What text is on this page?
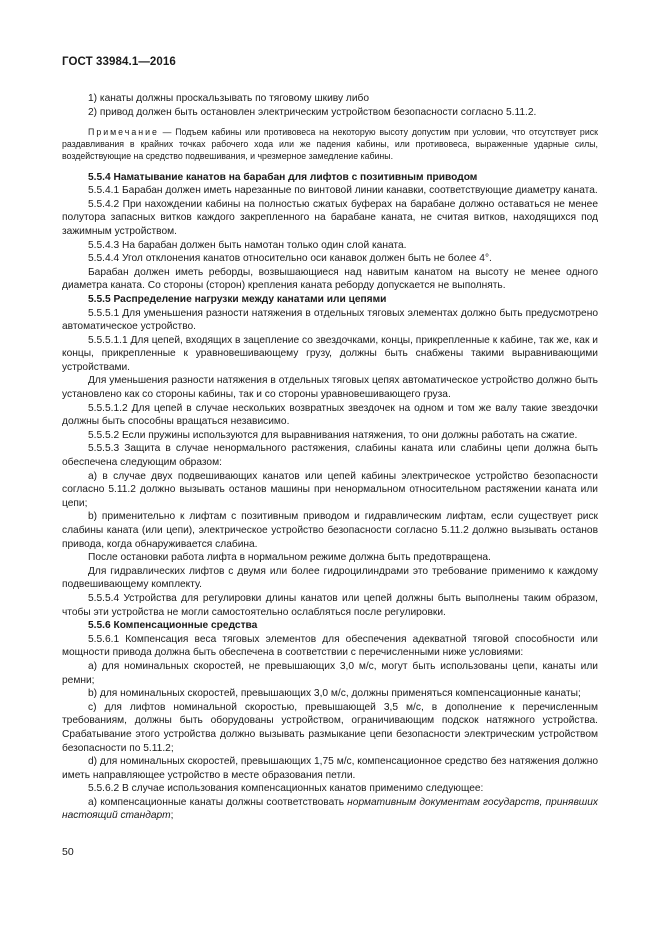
ГОСТ 33984.1—2016

1) канаты должны проскальзывать по тяговому шкиву либо

2) привод должен быть остановлен электрическим устройством безопасности согласно 5.11.2.

Примечание — Подъем кабины или противовеса на некоторую высоту допустим при условии, что отсутствует риск раздавливания в крайних точках рабочего хода или же падения кабины, или противовеса, выраженные ударные силы, воздействующие на средство подвешивания, и чрезмерное замедление кабины.

5.5.4 Наматывание канатов на барабан для лифтов с позитивным приводом

5.5.4.1 Барабан должен иметь нарезанные по винтовой линии канавки, соответствующие диаметру каната.

5.5.4.2 При нахождении кабины на полностью сжатых буферах на барабане должно оставаться не менее полутора запасных витков каждого закрепленного на барабане каната, не считая витков, находящихся под зажимным устройством.

5.5.4.3 На барабан должен быть намотан только один слой каната.

5.5.4.4 Угол отклонения канатов относительно оси канавок должен быть не более 4°.

Барабан должен иметь реборды, возвышающиеся над навитым канатом на высоту не менее одного диаметра каната. Со стороны (сторон) крепления каната реборду допускается не выполнять.

5.5.5 Распределение нагрузки между канатами или цепями

5.5.5.1 Для уменьшения разности натяжения в отдельных тяговых элементах должно быть предусмотрено автоматическое устройство.

5.5.5.1.1 Для цепей, входящих в зацепление со звездочками, концы, прикрепленные к кабине, так же, как и концы, прикрепленные к уравновешивающему грузу, должны быть снабжены такими выравнивающими устройствами.

Для уменьшения разности натяжения в отдельных тяговых цепях автоматическое устройство должно быть установлено как со стороны кабины, так и со стороны уравновешивающего груза.

5.5.5.1.2 Для цепей в случае нескольких возвратных звездочек на одном и том же валу такие звездочки должны быть способны вращаться независимо.

5.5.5.2 Если пружины используются для выравнивания натяжения, то они должны работать на сжатие.

5.5.5.3 Защита в случае ненормального растяжения, слабины каната или слабины цепи должна быть обеспечена следующим образом:

a) в случае двух подвешивающих канатов или цепей кабины электрическое устройство безопасности согласно 5.11.2 должно вызывать останов машины при ненормальном относительном растяжении каната или цепи;

b) применительно к лифтам с позитивным приводом и гидравлическим лифтам, если существует риск слабины каната (или цепи), электрическое устройство безопасности согласно 5.11.2 должно вызывать останов привода, когда обнаруживается слабина.

После остановки работа лифта в нормальном режиме должна быть предотвращена.

Для гидравлических лифтов с двумя или более гидроцилиндрами это требование применимо к каждому подвешивающему комплекту.

5.5.5.4 Устройства для регулировки длины канатов или цепей должны быть выполнены таким образом, чтобы эти устройства не могли самостоятельно ослабляться после регулировки.

5.5.6 Компенсационные средства

5.5.6.1 Компенсация веса тяговых элементов для обеспечения адекватной тяговой способности или мощности привода должна быть обеспечена в соответствии с перечисленными ниже условиями:

a) для номинальных скоростей, не превышающих 3,0 м/с, могут быть использованы цепи, канаты или ремни;

b) для номинальных скоростей, превышающих 3,0 м/с, должны применяться компенсационные канаты;

c) для лифтов номинальной скоростью, превышающей 3,5 м/с, в дополнение к перечисленным требованиям, должны быть оборудованы устройством, ограничивающим подскок натяжного устройства. Срабатывание этого устройства должно вызывать размыкание цепи безопасности электрическим устройством безопасности по 5.11.2;

d) для номинальных скоростей, превышающих 1,75 м/с, компенсационное средство без натяжения должно иметь направляющее устройство в месте образования петли.

5.5.6.2 В случае использования компенсационных канатов применимо следующее:

a) компенсационные канаты должны соответствовать нормативным документам государств, принявших настоящий стандарт;

50
